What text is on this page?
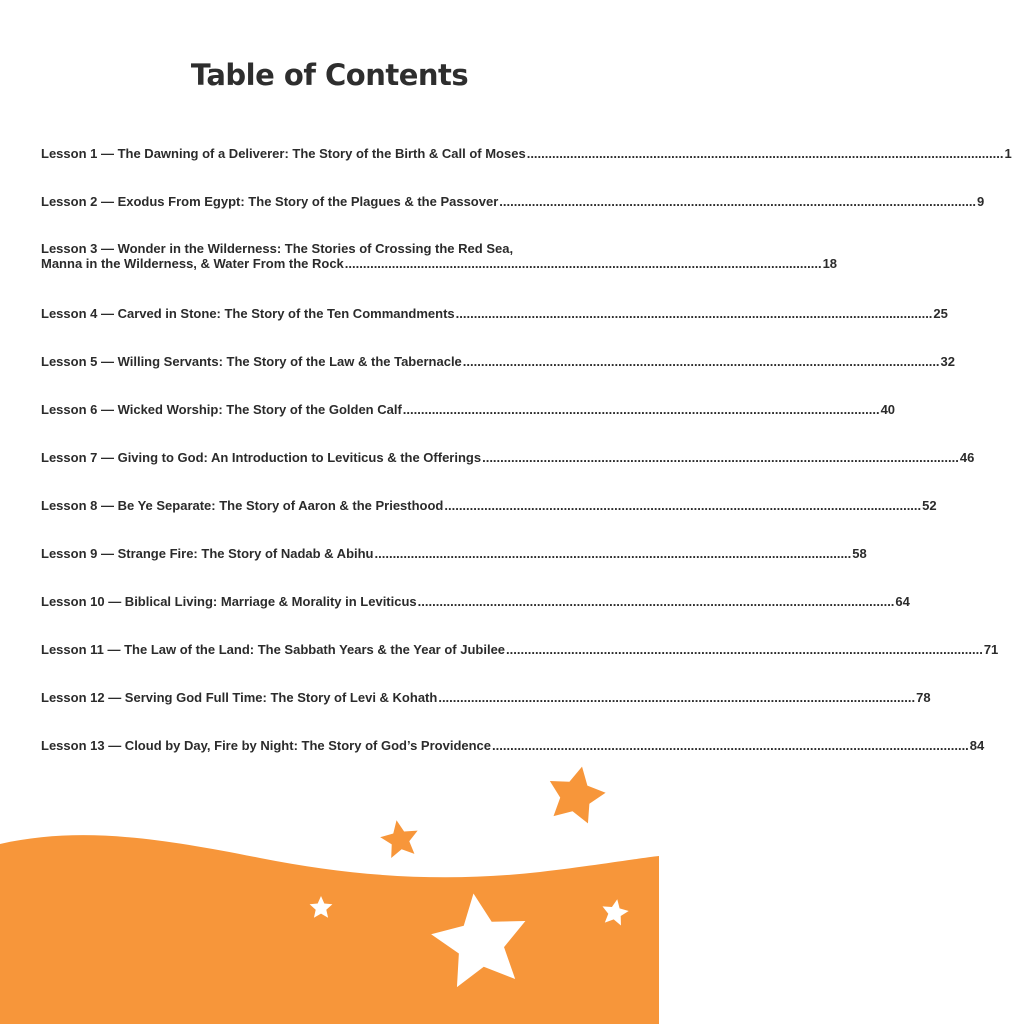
Table of Contents
Lesson 1 — The Dawning of a Deliverer: The Story of the Birth & Call of Moses .................................................................................................................................... 1
Lesson 2 — Exodus From Egypt: The Story of the Plagues & the Passover .................................................................................................................................... 9
Lesson 3 — Wonder in the Wilderness: The Stories of Crossing the Red Sea,
Manna in the Wilderness, & Water From the Rock .................................................................................................................................... 18
Lesson 4 — Carved in Stone: The Story of the Ten Commandments .................................................................................................................................... 25
Lesson 5 — Willing Servants: The Story of the Law & the Tabernacle .................................................................................................................................... 32
Lesson 6 — Wicked Worship: The Story of the Golden Calf .................................................................................................................................... 40
Lesson 7 — Giving to God: An Introduction to Leviticus & the Offerings .................................................................................................................................... 46
Lesson 8 — Be Ye Separate: The Story of Aaron & the Priesthood .................................................................................................................................... 52
Lesson 9 — Strange Fire: The Story of Nadab & Abihu .................................................................................................................................... 58
Lesson 10 — Biblical Living: Marriage & Morality in Leviticus .................................................................................................................................... 64
Lesson 11 — The Law of the Land: The Sabbath Years & the Year of Jubilee .................................................................................................................................... 71
Lesson 12 — Serving God Full Time: The Story of Levi & Kohath .................................................................................................................................... 78
Lesson 13 — Cloud by Day, Fire by Night: The Story of God’s Providence .................................................................................................................................... 84
